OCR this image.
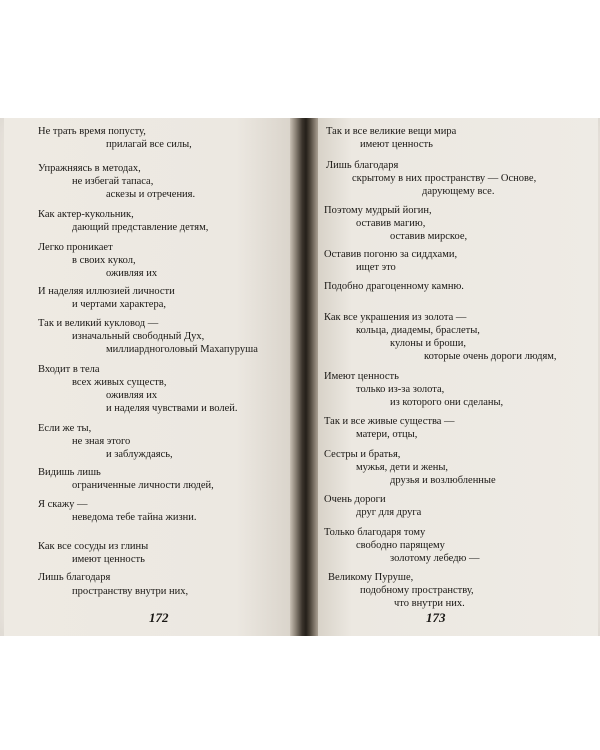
Не трать время попусту,
прилагай все силы,
Упражняясь в методах,
не избегай тапаса,
аскезы и отречения.
Как актер-кукольник,
дающий представление детям,
Легко проникает
в своих кукол,
оживляя их
И наделяя иллюзией личности
и чертами характера,
Так и великий кукловод —
изначальный свободный Дух,
миллиардноголовый Махапуруша
Входит в тела
всех живых существ,
оживляя их
и наделяя чувствами и волей.
Если же ты,
не зная этого
и заблуждаясь,
Видишь лишь
ограниченные личности людей,
Я скажу —
неведома тебе тайна жизни.
Как все сосуды из глины
имеют ценность
Лишь благодаря
пространству внутри них,
172
Так и все великие вещи мира
имеют ценность
Лишь благодаря
скрытому в них пространству — Основе,
дарующему все.
Поэтому мудрый йогин,
оставив магию,
оставив мирское,
Оставив погоню за сиддхами,
ищет это
Подобно драгоценному камню.
Как все украшения из золота —
кольца, диадемы, браслеты,
кулоны и броши,
которые очень дороги людям,
Имеют ценность
только из-за золота,
из которого они сделаны,
Так и все живые существа —
матери, отцы,
Сестры и братья,
мужья, дети и жены,
друзья и возлюбленные
Очень дороги
друг для друга
Только благодаря тому
свободно парящему
золотому лебедю —
Великому Пуруше,
подобному пространству,
что внутри них.
173
